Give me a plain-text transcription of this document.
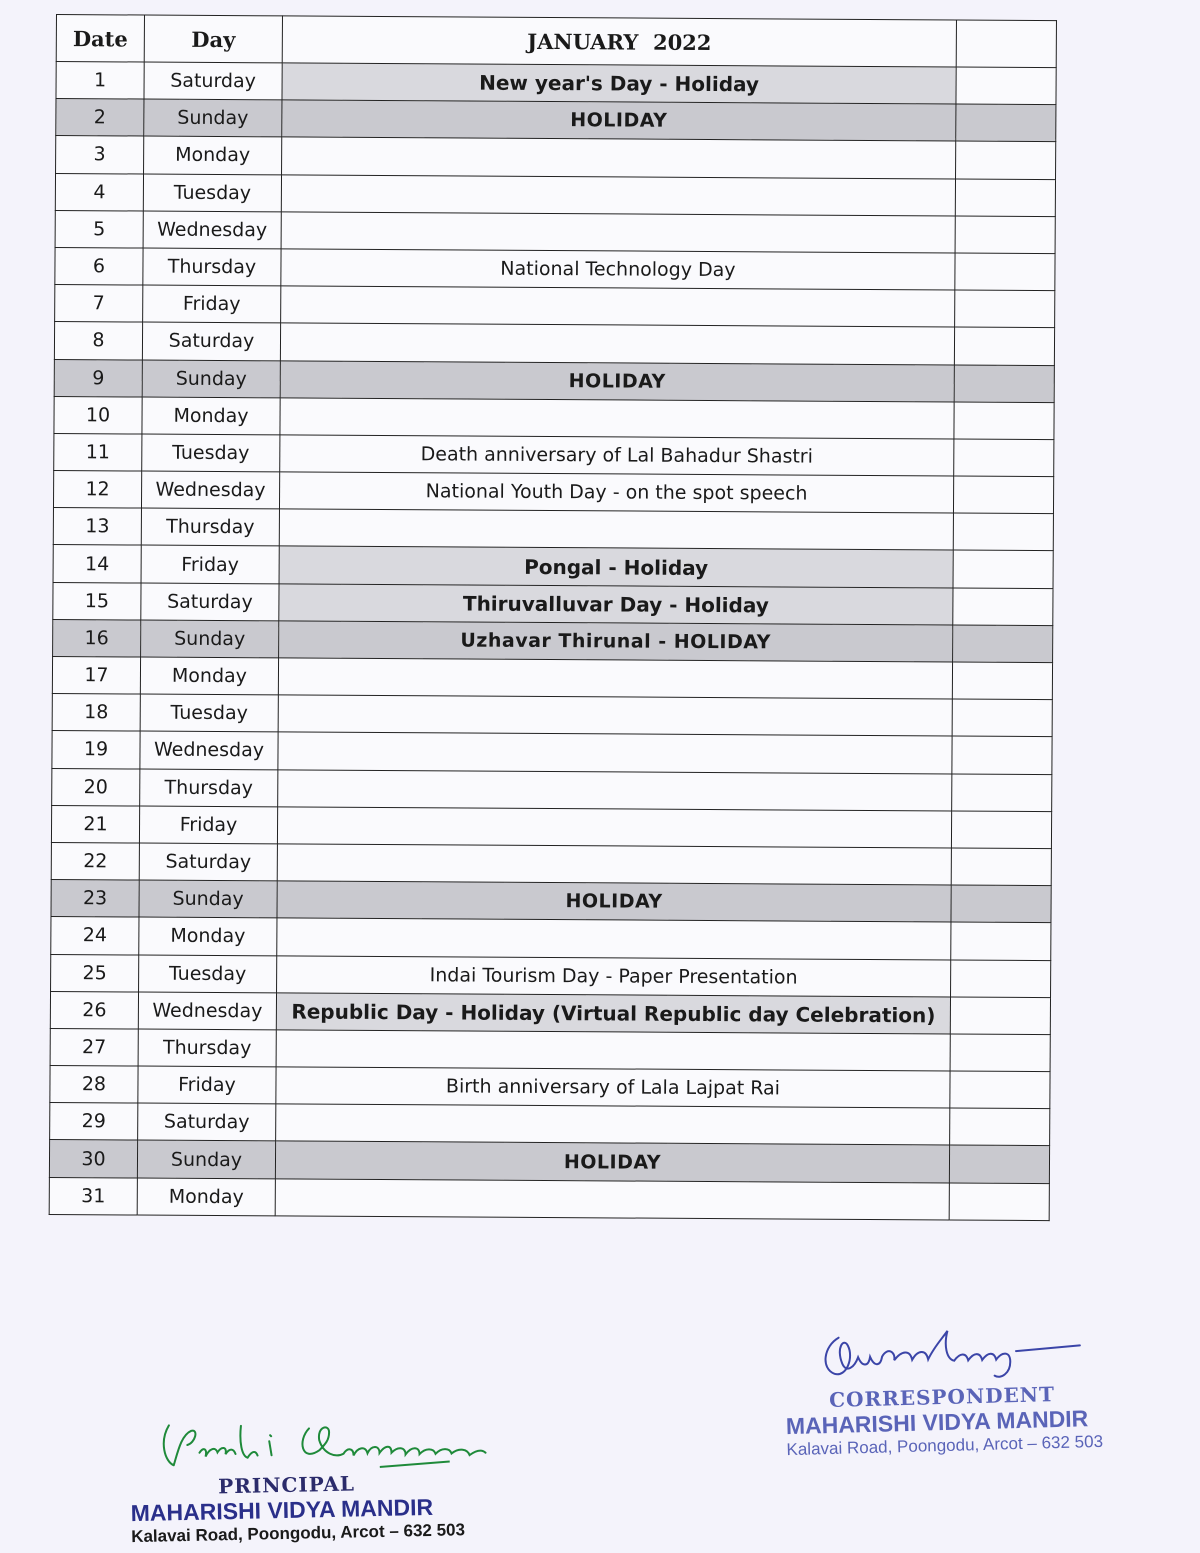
Date	Day	JANUARY  2022	
1	Saturday	New year's Day - Holiday	
2	Sunday	HOLIDAY	
3	Monday		
4	Tuesday		
5	Wednesday		
6	Thursday	National Technology Day	
7	Friday		
8	Saturday		
9	Sunday	HOLIDAY	
10	Monday		
11	Tuesday	Death anniversary of Lal Bahadur Shastri	
12	Wednesday	National Youth Day - on the spot speech	
13	Thursday		
14	Friday	Pongal - Holiday	
15	Saturday	Thiruvalluvar Day - Holiday	
16	Sunday	Uzhavar Thirunal - HOLIDAY	
17	Monday		
18	Tuesday		
19	Wednesday		
20	Thursday		
21	Friday		
22	Saturday		
23	Sunday	HOLIDAY	
24	Monday		
25	Tuesday	Indai Tourism Day - Paper Presentation	
26	Wednesday	Republic Day - Holiday (Virtual Republic day Celebration)	
27	Thursday		
28	Friday	Birth anniversary of Lala Lajpat Rai	
29	Saturday		
30	Sunday	HOLIDAY	
31	Monday		
PRINCIPAL
MAHARISHI VIDYA MANDIR
Kalavai Road, Poongodu, Arcot – 632 503
CORRESPONDENT
MAHARISHI VIDYA MANDIR
Kalavai Road, Poongodu, Arcot – 632 503
